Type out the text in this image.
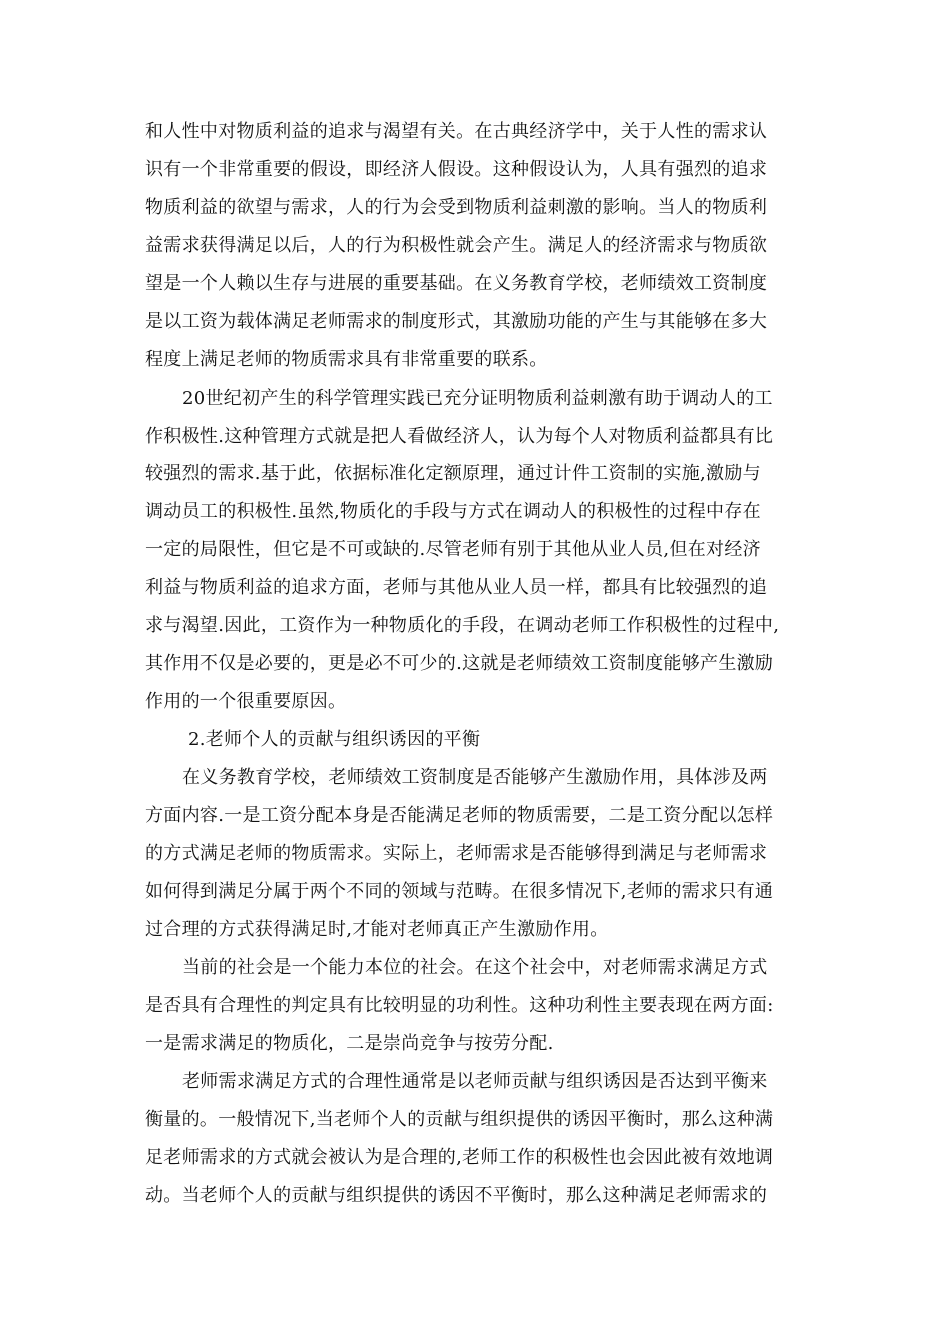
和人性中对物质利益的追求与渴望有关。在古典经济学中，关于人性的需求认
识有一个非常重要的假设，即经济人假设。这种假设认为，人具有强烈的追求
物质利益的欲望与需求，人的行为会受到物质利益刺激的影响。当人的物质利
益需求获得满足以后，人的行为积极性就会产生。满足人的经济需求与物质欲
望是一个人赖以生存与进展的重要基础。在义务教育学校，老师绩效工资制度
是以工资为载体满足老师需求的制度形式，其激励功能的产生与其能够在多大
程度上满足老师的物质需求具有非常重要的联系。
20世纪初产生的科学管理实践已充分证明物质利益刺激有助于调动人的工
作积极性.这种管理方式就是把人看做经济人，认为每个人对物质利益都具有比
较强烈的需求.基于此，依据标准化定额原理，通过计件工资制的实施,激励与
调动员工的积极性.虽然,物质化的手段与方式在调动人的积极性的过程中存在
一定的局限性，但它是不可或缺的.尽管老师有别于其他从业人员,但在对经济
利益与物质利益的追求方面，老师与其他从业人员一样，都具有比较强烈的追
求与渴望.因此，工资作为一种物质化的手段，在调动老师工作积极性的过程中,
其作用不仅是必要的，更是必不可少的.这就是老师绩效工资制度能够产生激励
作用的一个很重要原因。
2.老师个人的贡献与组织诱因的平衡
在义务教育学校，老师绩效工资制度是否能够产生激励作用，具体涉及两
方面内容.一是工资分配本身是否能满足老师的物质需要，二是工资分配以怎样
的方式满足老师的物质需求。实际上，老师需求是否能够得到满足与老师需求
如何得到满足分属于两个不同的领域与范畴。在很多情况下,老师的需求只有通
过合理的方式获得满足时,才能对老师真正产生激励作用。
当前的社会是一个能力本位的社会。在这个社会中，对老师需求满足方式
是否具有合理性的判定具有比较明显的功利性。这种功利性主要表现在两方面:
一是需求满足的物质化，二是崇尚竞争与按劳分配.
老师需求满足方式的合理性通常是以老师贡献与组织诱因是否达到平衡来
衡量的。一般情况下,当老师个人的贡献与组织提供的诱因平衡时，那么这种满
足老师需求的方式就会被认为是合理的,老师工作的积极性也会因此被有效地调
动。当老师个人的贡献与组织提供的诱因不平衡时，那么这种满足老师需求的
